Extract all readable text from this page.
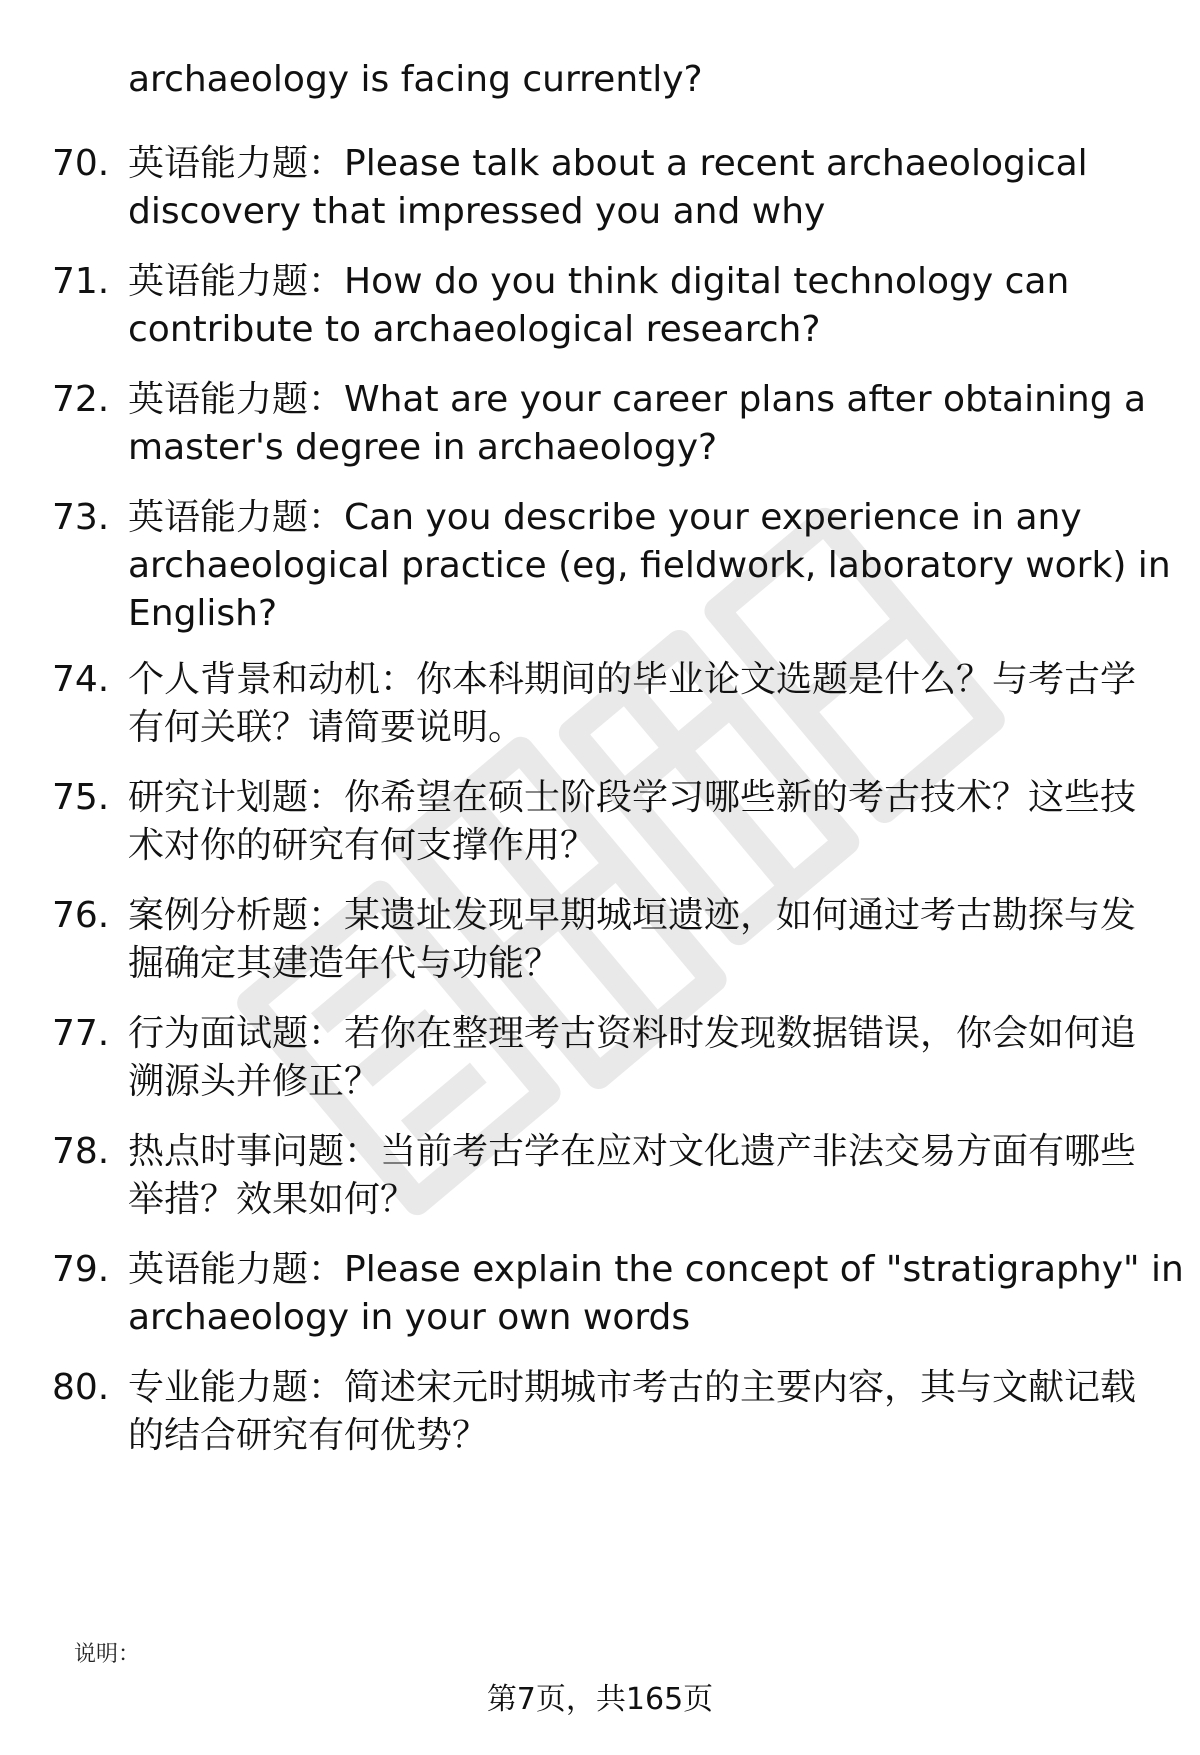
archaeology is facing currently?
70. 英语能力题：Please talk about a recent archaeological
discovery that impressed you and why
71. 英语能力题：How do you think digital technology can
contribute to archaeological research?
72. 英语能力题：What are your career plans after obtaining a
master's degree in archaeology?
73. 英语能力题：Can you describe your experience in any
archaeological practice (eg, fieldwork, laboratory work) in
English?
74. 个人背景和动机：你本科期间的毕业论文选题是什么？与考古学
有何关联？请简要说明。
75. 研究计划题：你希望在硕士阶段学习哪些新的考古技术？这些技
术对你的研究有何支撑作用？
76. 案例分析题：某遗址发现早期城垣遗迹，如何通过考古勘探与发
掘确定其建造年代与功能？
77. 行为面试题：若你在整理考古资料时发现数据错误，你会如何追
溯源头并修正？
78. 热点时事问题：当前考古学在应对文化遗产非法交易方面有哪些
举措？效果如何？
79. 英语能力题：Please explain the concept of "stratigraphy" in
archaeology in your own words
80. 专业能力题：简述宋元时期城市考古的主要内容，其与文献记载
的结合研究有何优势？
说明：
第7页，共165页
